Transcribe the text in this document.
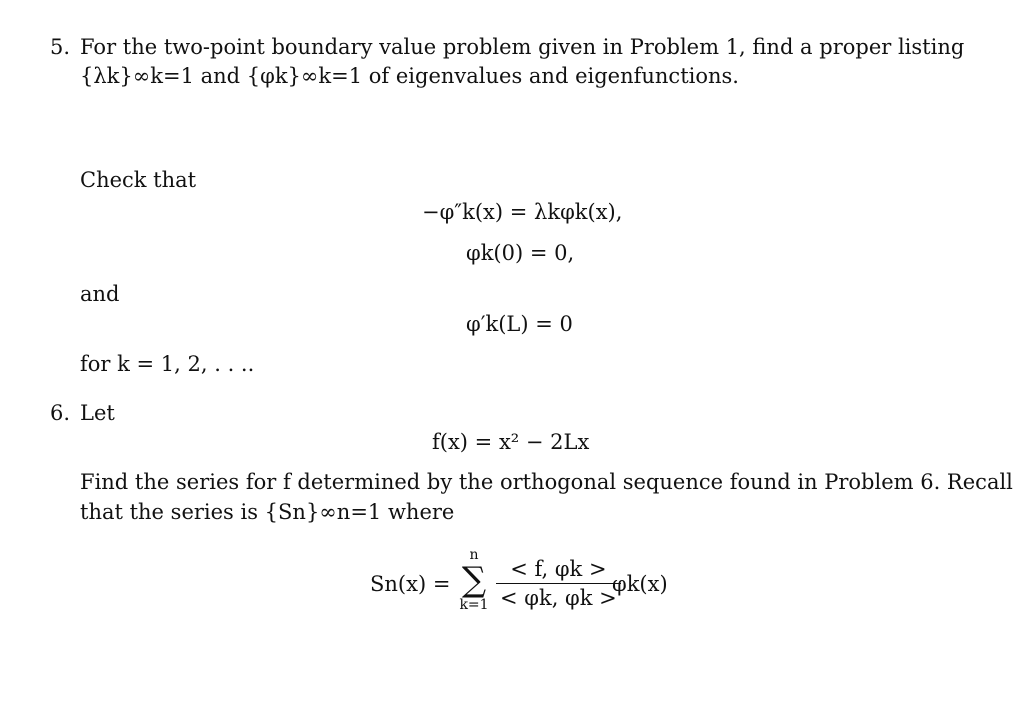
5. For the two-point boundary value problem given in Problem 1, find a proper listing
{λk}∞k=1 and {φk}∞k=1 of eigenvalues and eigenfunctions.
Check that
−φ″k(x) = λkφk(x),
φk(0) = 0,
and
φ′k(L) = 0
for k = 1, 2, . . ..
6. Let
f(x) = x² − 2Lx
Find the series for f determined by the orthogonal sequence found in Problem 6. Recall
that the series is {Sn}∞n=1 where
Sn(x) =
n
∑
$k=1 \frac{< f, \varphi k >}{< \varphi k, \varphi k >}$
φk(x)
